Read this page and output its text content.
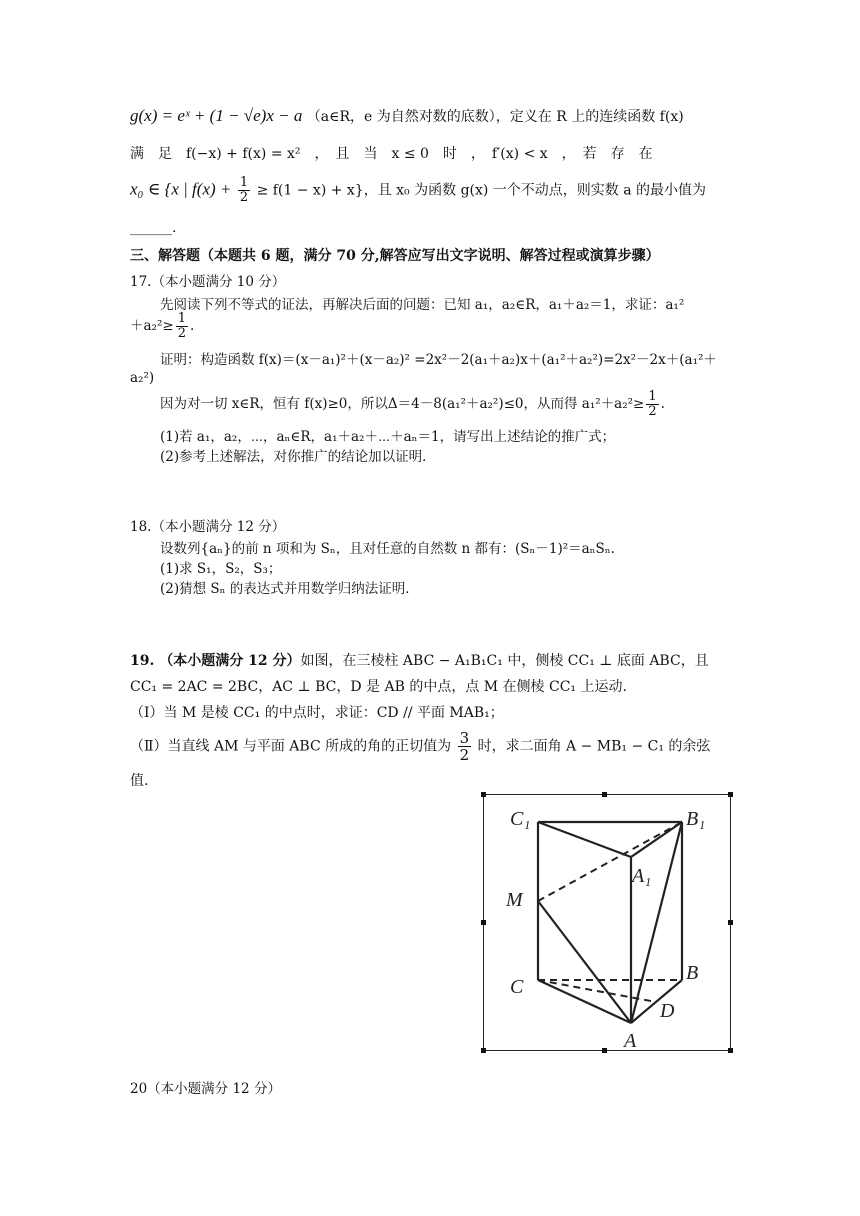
g(x) = eˣ + (1 − √e)x − a （a∈R，e 为自然对数的底数），定义在 R 上的连续函数 f(x)
满　足　f(−x) + f(x) = x²　，　且　当　x ≤ 0　时　，　f′(x) < x　，　若　存　在
x₀ ∈ {x | $f(x) + \frac{1}{2} \ge f(1 - x) + x$}，且 x₀ 为函数 g(x) 一个不动点，则实数 a 的最小值为
______.
三、解答题（本题共 6 题，满分 70 分,解答应写出文字说明、解答过程或演算步骤）
17.（本小题满分 10 分）
先阅读下列不等式的证法，再解决后面的问题：已知 a₁，a₂∈R，a₁＋a₂＝1，求证：a₁²
$+a_2^2\ge \frac{1}{2}$ .
证明：构造函数 f(x)＝(x－a₁)²＋(x－a₂)² =2x²－2(a₁＋a₂)x＋(a₁²＋a₂²)=2x²－2x＋(a₁²＋
a₂²)
因为对一切 x∈R，恒有 f(x)≥0，所以Δ＝4－8(a₁²＋a₂²)≤0，从而得 $a_1^2+a_2^2\ge \frac{1}{2}$ .
(1)若 a₁，a₂，⋯，aₙ∈R，a₁＋a₂＋⋯＋aₙ＝1，请写出上述结论的推广式；
(2)参考上述解法，对你推广的结论加以证明．
18.（本小题满分 12 分）
设数列{aₙ}的前 n 项和为 Sₙ，且对任意的自然数 n 都有：(Sₙ－1)²＝aₙSₙ.
(1)求 S₁，S₂，S₃；
(2)猜想 Sₙ 的表达式并用数学归纳法证明．
19. （本小题满分 12 分）如图，在三棱柱 ABC − A₁B₁C₁ 中，侧棱 CC₁ ⊥ 底面 ABC，且
CC₁ = 2AC = 2BC，AC ⊥ BC，D 是 AB 的中点，点 M 在侧棱 CC₁ 上运动.
（Ⅰ）当 M 是棱 CC₁ 的中点时，求证：CD // 平面 MAB₁；
（Ⅱ）当直线 AM 与平面 ABC 所成的角的正切值为 $\frac{3}{2}$ 时，求二面角 A − MB₁ − C₁ 的余弦
值.
C₁	B₁
A₁
M
C
B
D
A
20（本小题满分 12 分）
